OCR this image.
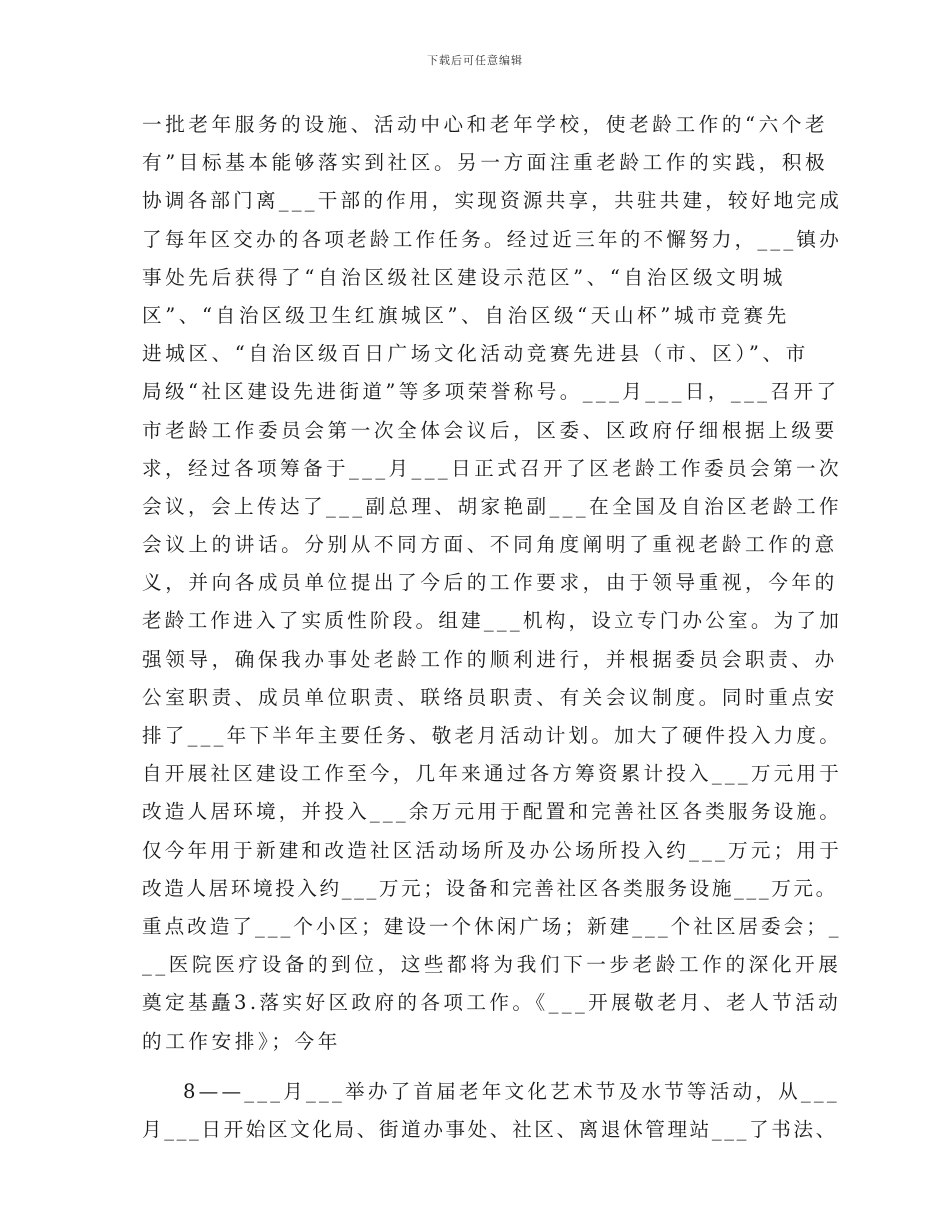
下载后可任意编辑
一批老年服务的设施、活动中心和老年学校，使老龄工作的“六个老
有”目标基本能够落实到社区。另一方面注重老龄工作的实践，积极
协调各部门离___干部的作用，实现资源共享，共驻共建，较好地完成
了每年区交办的各项老龄工作任务。经过近三年的不懈努力，___镇办
事处先后获得了“自治区级社区建设示范区”、“自治区级文明城
区”、“自治区级卫生红旗城区”、自治区级“天山杯”城市竞赛先
进城区、“自治区级百日广场文化活动竞赛先进县（市、区）”、市
局级“社区建设先进街道”等多项荣誉称号。___月___日，___召开了
市老龄工作委员会第一次全体会议后，区委、区政府仔细根据上级要
求，经过各项筹备于___月___日正式召开了区老龄工作委员会第一次
会议，会上传达了___副总理、胡家艳副___在全国及自治区老龄工作
会议上的讲话。分别从不同方面、不同角度阐明了重视老龄工作的意
义，并向各成员单位提出了今后的工作要求，由于领导重视，今年的
老龄工作进入了实质性阶段。组建___机构，设立专门办公室。为了加
强领导，确保我办事处老龄工作的顺利进行，并根据委员会职责、办
公室职责、成员单位职责、联络员职责、有关会议制度。同时重点安
排了___年下半年主要任务、敬老月活动计划。加大了硬件投入力度。
自开展社区建设工作至今，几年来通过各方筹资累计投入___万元用于
改造人居环境，并投入___余万元用于配置和完善社区各类服务设施。
仅今年用于新建和改造社区活动场所及办公场所投入约___万元；用于
改造人居环境投入约___万元；设备和完善社区各类服务设施___万元。
重点改造了___个小区；建设一个休闲广场；新建___个社区居委会；_
__医院医疗设备的到位，这些都将为我们下一步老龄工作的深化开展
奠定基矗3.落实好区政府的各项工作。《___开展敬老月、老人节活动
的工作安排》；今年
8——___月___举办了首届老年文化艺术节及水节等活动，从___
月___日开始区文化局、街道办事处、社区、离退休管理站___了书法、
